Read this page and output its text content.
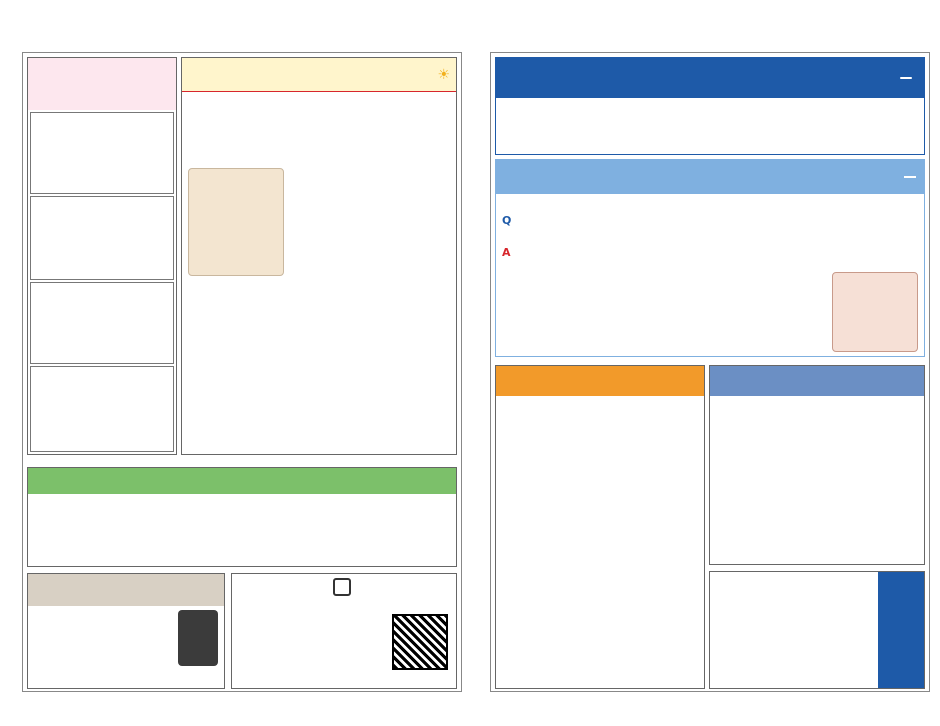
☀
Q
A
